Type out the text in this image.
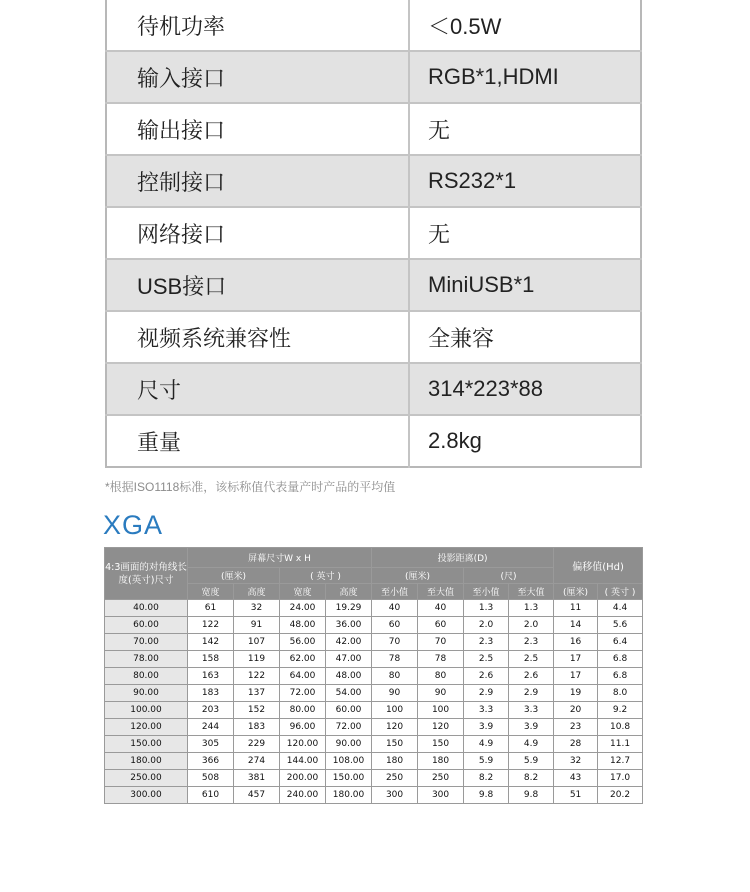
待机功率	＜0.5W
输入接口	RGB*1,HDMI
输出接口	无
控制接口	RS232*1
网络接口	无
USB接口	MiniUSB*1
视频系统兼容性	全兼容
尺寸	314*223*88
重量	2.8kg
*根据ISO1118标准，该标称值代表量产时产品的平均值
XGA
4:3画面的对角线长度(英寸)尺寸	屏幕尺寸W x H				投影距离(D)				偏移值(Hd)	
	(厘米)		( 英寸 )		(厘米)		(尺)			
	宽度	高度	宽度	高度	至小值	至大值	至小值	至大值	(厘米)	( 英寸 )
40.00	61	32	24.00	19.29	40	40	1.3	1.3	11	4.4
60.00	122	91	48.00	36.00	60	60	2.0	2.0	14	5.6
70.00	142	107	56.00	42.00	70	70	2.3	2.3	16	6.4
78.00	158	119	62.00	47.00	78	78	2.5	2.5	17	6.8
80.00	163	122	64.00	48.00	80	80	2.6	2.6	17	6.8
90.00	183	137	72.00	54.00	90	90	2.9	2.9	19	8.0
100.00	203	152	80.00	60.00	100	100	3.3	3.3	20	9.2
120.00	244	183	96.00	72.00	120	120	3.9	3.9	23	10.8
150.00	305	229	120.00	90.00	150	150	4.9	4.9	28	11.1
180.00	366	274	144.00	108.00	180	180	5.9	5.9	32	12.7
250.00	508	381	200.00	150.00	250	250	8.2	8.2	43	17.0
300.00	610	457	240.00	180.00	300	300	9.8	9.8	51	20.2
